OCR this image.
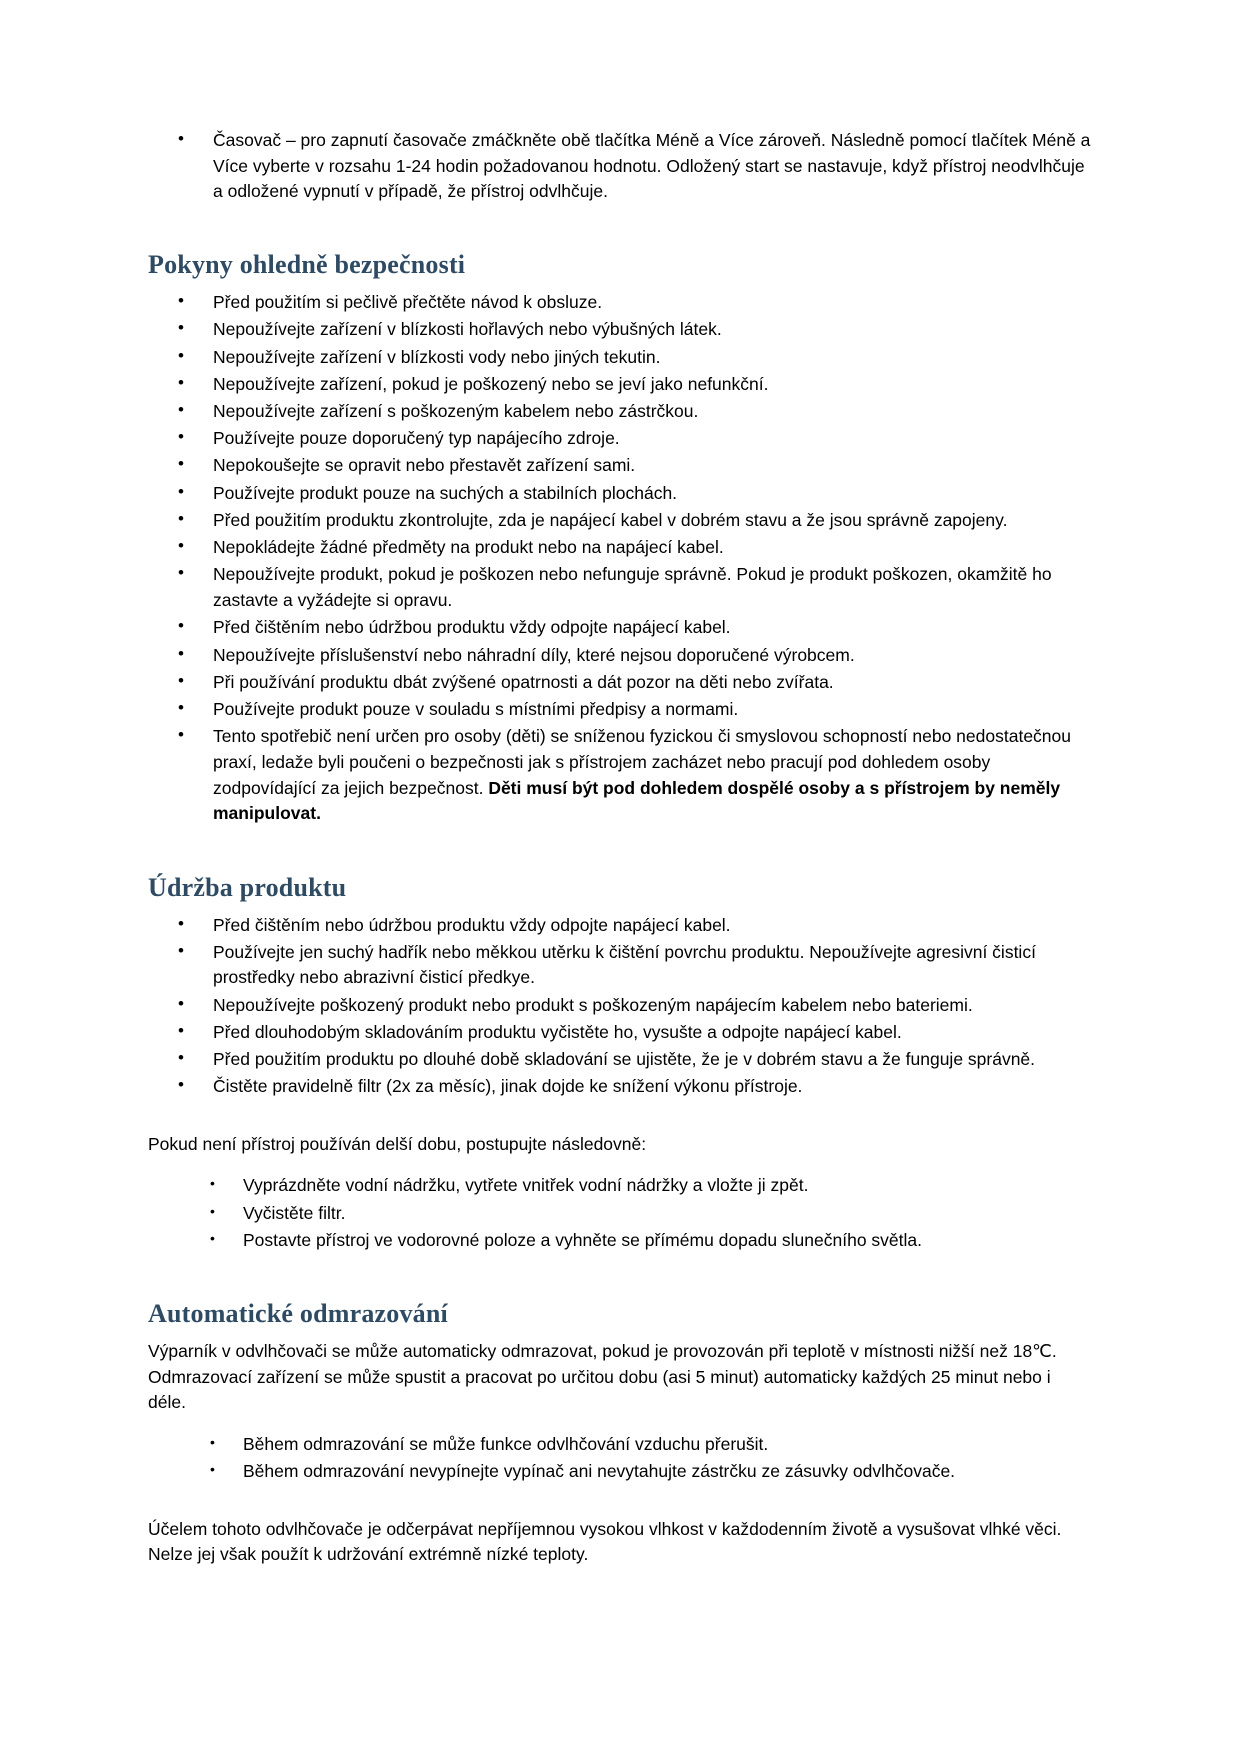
• Časovač – pro zapnutí časovače zmáčkněte obě tlačítka Méně a Více zároveň. Následně pomocí tlačítek Méně a Více vyberte v rozsahu 1-24 hodin požadovanou hodnotu. Odložený start se nastavuje, když přístroj neodvlhčuje a odložené vypnutí v případě, že přístroj odvlhčuje.
Pokyny ohledně bezpečnosti
• Před použitím si pečlivě přečtěte návod k obsluze.
• Nepoužívejte zařízení v blízkosti hořlavých nebo výbušných látek.
• Nepoužívejte zařízení v blízkosti vody nebo jiných tekutin.
• Nepoužívejte zařízení, pokud je poškozený nebo se jeví jako nefunkční.
• Nepoužívejte zařízení s poškozeným kabelem nebo zástrčkou.
• Používejte pouze doporučený typ napájecího zdroje.
• Nepokoušejte se opravit nebo přestavět zařízení sami.
• Používejte produkt pouze na suchých a stabilních plochách.
• Před použitím produktu zkontrolujte, zda je napájecí kabel v dobrém stavu a že jsou správně zapojeny.
• Nepokládejte žádné předměty na produkt nebo na napájecí kabel.
• Nepoužívejte produkt, pokud je poškozen nebo nefunguje správně. Pokud je produkt poškozen, okamžitě ho zastavte a vyžádejte si opravu.
• Před čištěním nebo údržbou produktu vždy odpojte napájecí kabel.
• Nepoužívejte příslušenství nebo náhradní díly, které nejsou doporučené výrobcem.
• Při používání produktu dbát zvýšené opatrnosti a dát pozor na děti nebo zvířata.
• Používejte produkt pouze v souladu s místními předpisy a normami.
• Tento spotřebič není určen pro osoby (děti) se sníženou fyzickou či smyslovou schopností nebo nedostatečnou praxí, ledaže byli poučeni o bezpečnosti jak s přístrojem zacházet nebo pracují pod dohledem osoby zodpovídající za jejich bezpečnost. Děti musí být pod dohledem dospělé osoby a s přístrojem by neměly manipulovat.
Údržba produktu
• Před čištěním nebo údržbou produktu vždy odpojte napájecí kabel.
• Používejte jen suchý hadřík nebo měkkou utěrku k čištění povrchu produktu. Nepoužívejte agresivní čisticí prostředky nebo abrazivní čisticí předkye.
• Nepoužívejte poškozený produkt nebo produkt s poškozeným napájecím kabelem nebo bateriemi.
• Před dlouhodobým skladováním produktu vyčistěte ho, vysušte a odpojte napájecí kabel.
• Před použitím produktu po dlouhé době skladování se ujistěte, že je v dobrém stavu a že funguje správně.
• Čistěte pravidelně filtr (2x za měsíc), jinak dojde ke snížení výkonu přístroje.

Pokud není přístroj používán delší dobu, postupujte následovně:

• Vyprázdněte vodní nádržku, vytřete vnitřek vodní nádržky a vložte ji zpět.
• Vyčistěte filtr.
• Postavte přístroj ve vodorovné poloze a vyhněte se přímému dopadu slunečního světla.
Automatické odmrazování

Výparník v odvlhčovači se může automaticky odmrazovat, pokud je provozován při teplotě v místnosti nižší než 18℃. Odmrazovací zařízení se může spustit a pracovat po určitou dobu (asi 5 minut) automaticky každých 25 minut nebo i déle.

• Během odmrazování se může funkce odvlhčování vzduchu přerušit.
• Během odmrazování nevypínejte vypínač ani nevytahujte zástrčku ze zásuvky odvlhčovače.

Účelem tohoto odvlhčovače je odčerpávat nepříjemnou vysokou vlhkost v každodenním životě a vysušovat vlhké věci. Nelze jej však použít k udržování extrémně nízké teploty.
